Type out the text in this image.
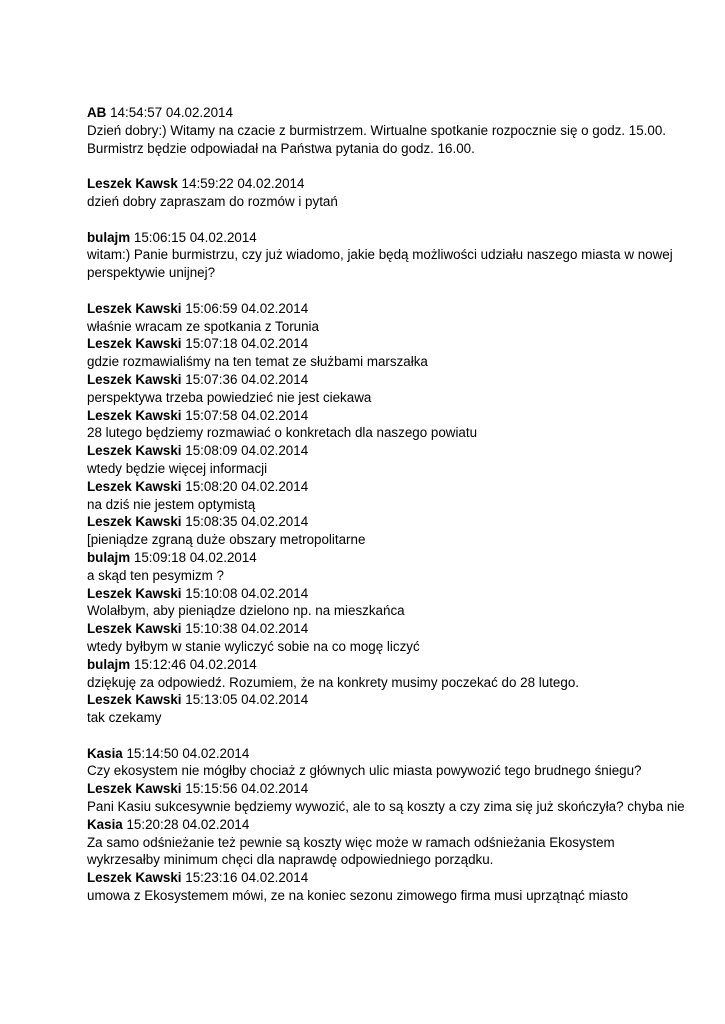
AB 14:54:57 04.02.2014
Dzień dobry:) Witamy na czacie z burmistrzem. Wirtualne spotkanie rozpocznie się o godz. 15.00. Burmistrz będzie odpowiadał na Państwa pytania do godz. 16.00.
Leszek Kawsk 14:59:22 04.02.2014
dzień dobry zapraszam do rozmów i pytań
bulajm 15:06:15 04.02.2014
witam:) Panie burmistrzu, czy już wiadomo, jakie będą możliwości udziału naszego miasta w nowej perspektywie unijnej?
Leszek Kawski 15:06:59 04.02.2014
właśnie wracam ze spotkania z Torunia
Leszek Kawski 15:07:18 04.02.2014
gdzie rozmawialiśmy na ten temat ze służbami marszałka
Leszek Kawski 15:07:36 04.02.2014
perspektywa trzeba powiedzieć nie jest ciekawa
Leszek Kawski 15:07:58 04.02.2014
28 lutego będziemy rozmawiać o konkretach dla naszego powiatu
Leszek Kawski 15:08:09 04.02.2014
wtedy będzie więcej informacji
Leszek Kawski 15:08:20 04.02.2014
na dziś nie jestem optymistą
Leszek Kawski 15:08:35 04.02.2014
[pieniądze zgraną duże obszary metropolitarne
bulajm 15:09:18 04.02.2014
a skąd ten pesymizm ?
Leszek Kawski 15:10:08 04.02.2014
Wolałbym, aby pieniądze dzielono np. na mieszkańca
Leszek Kawski 15:10:38 04.02.2014
wtedy byłbym w stanie wyliczyć sobie na co mogę liczyć
bulajm 15:12:46 04.02.2014
dziękuję za odpowiedź. Rozumiem, że na konkrety musimy poczekać do 28 lutego.
Leszek Kawski 15:13:05 04.02.2014
tak czekamy
Kasia 15:14:50 04.02.2014
Czy ekosystem nie mógłby chociaż z głównych ulic miasta powywozić tego brudnego śniegu?
Leszek Kawski 15:15:56 04.02.2014
Pani Kasiu sukcesywnie będziemy wywozić, ale to są koszty a czy zima się już skończyła? chyba nie
Kasia 15:20:28 04.02.2014
Za samo odśnieżanie też pewnie są koszty więc może w ramach odśnieżania Ekosystem wykrzesałby minimum chęci dla naprawdę odpowiedniego porządku.
Leszek Kawski 15:23:16 04.02.2014
umowa z Ekosystemem mówi, ze na koniec sezonu zimowego firma musi uprzątnąć miasto
